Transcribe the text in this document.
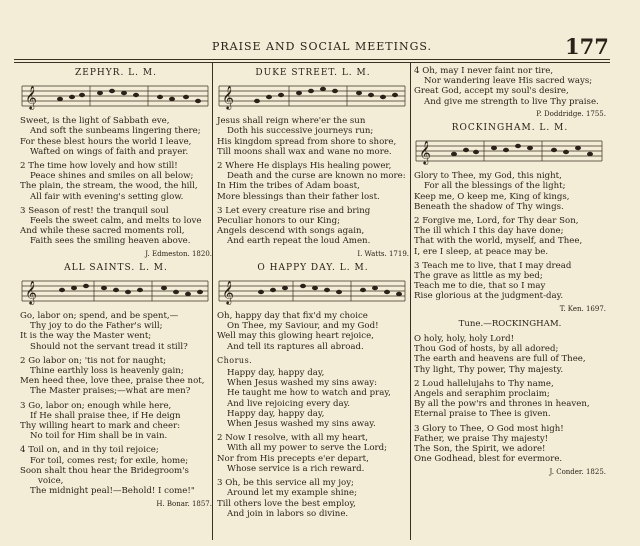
PRAISE AND SOCIAL MEETINGS.	177
ZEPHYR. L. M.
𝄞

Sweet, is the light of Sabbath eve,

And soft the sunbeams lingering there;

For these blest hours the world I leave,

Wafted on wings of faith and prayer.

2 The time how lovely and how still!

Peace shines and smiles on all below;

The plain, the stream, the wood, the hill,

All fair with evening's setting glow.

3 Season of rest! the tranquil soul

Feels the sweet calm, and melts to love

And while these sacred moments roll,

Faith sees the smiling heaven above.

J. Edmeston. 1820.
ALL SAINTS. L. M.
𝄞

Go, labor on; spend, and be spent,—

Thy joy to do the Father's will;

It is the way the Master went;

Should not the servant tread it still?

2 Go labor on; 'tis not for naught;

Thine earthly loss is heavenly gain;

Men heed thee, love thee, praise thee not,

The Master praises;—what are men?

3 Go, labor on; enough while here,

If He shall praise thee, if He deign

Thy willing heart to mark and cheer:

No toil for Him shall be in vain.

4 Toil on, and in thy toil rejoice;

For toil, comes rest; for exile, home;

Soon shalt thou hear the Bridegroom's

voice,

The midnight peal!—Behold! I come!"

H. Bonar. 1857.
DUKE STREET. L. M.
𝄞

Jesus shall reign where'er the sun

Doth his successive journeys run;

His kingdom spread from shore to shore,

Till moons shall wax and wane no more.

2 Where He displays His healing power,

Death and the curse are known no more:

In Him the tribes of Adam boast,

More blessings than their father lost.

3 Let every creature rise and bring

Peculiar honors to our King;

Angels descend with songs again,

And earth repeat the loud Amen.

I. Watts. 1719.
O HAPPY DAY. L. M.
𝄞

Oh, happy day that fix'd my choice

On Thee, my Saviour, and my God!

Well may this glowing heart rejoice,

And tell its raptures all abroad.

Chorus.

Happy day, happy day,

When Jesus washed my sins away:

He taught me how to watch and pray,

And live rejoicing every day.

Happy day, happy day,

When Jesus washed my sins away.

2 Now I resolve, with all my heart,

With all my power to serve the Lord;

Nor from His precepts e'er depart,

Whose service is a rich reward.

3 Oh, be this service all my joy;

Around let my example shine;

Till others love the best employ,

And join in labors so divine.

4 Oh, may I never faint nor tire,

Nor wandering leave His sacred ways;

Great God, accept my soul's desire,

And give me strength to live Thy praise.

P. Doddridge. 1755.
ROCKINGHAM. L. M.
𝄞

Glory to Thee, my God, this night,

For all the blessings of the light;

Keep me, O keep me, King of kings,

Beneath the shadow of Thy wings.

2 Forgive me, Lord, for Thy dear Son,

The ill which I this day have done;

That with the world, myself, and Thee,

I, ere I sleep, at peace may be.

3 Teach me to live, that I may dread

The grave as little as my bed;

Teach me to die, that so I may

Rise glorious at the judgment-day.

T. Ken. 1697.
Tune.—ROCKINGHAM.

O holy, holy, holy Lord!

Thou God of hosts, by all adored;

The earth and heavens are full of Thee,

Thy light, Thy power, Thy majesty.

2 Loud hallelujahs to Thy name,

Angels and seraphim proclaim;

By all the pow'rs and thrones in heaven,

Eternal praise to Thee is given.

3 Glory to Thee, O God most high!

Father, we praise Thy majesty!

The Son, the Spirit, we adore!

One Godhead, blest for evermore.

J. Conder. 1825.
